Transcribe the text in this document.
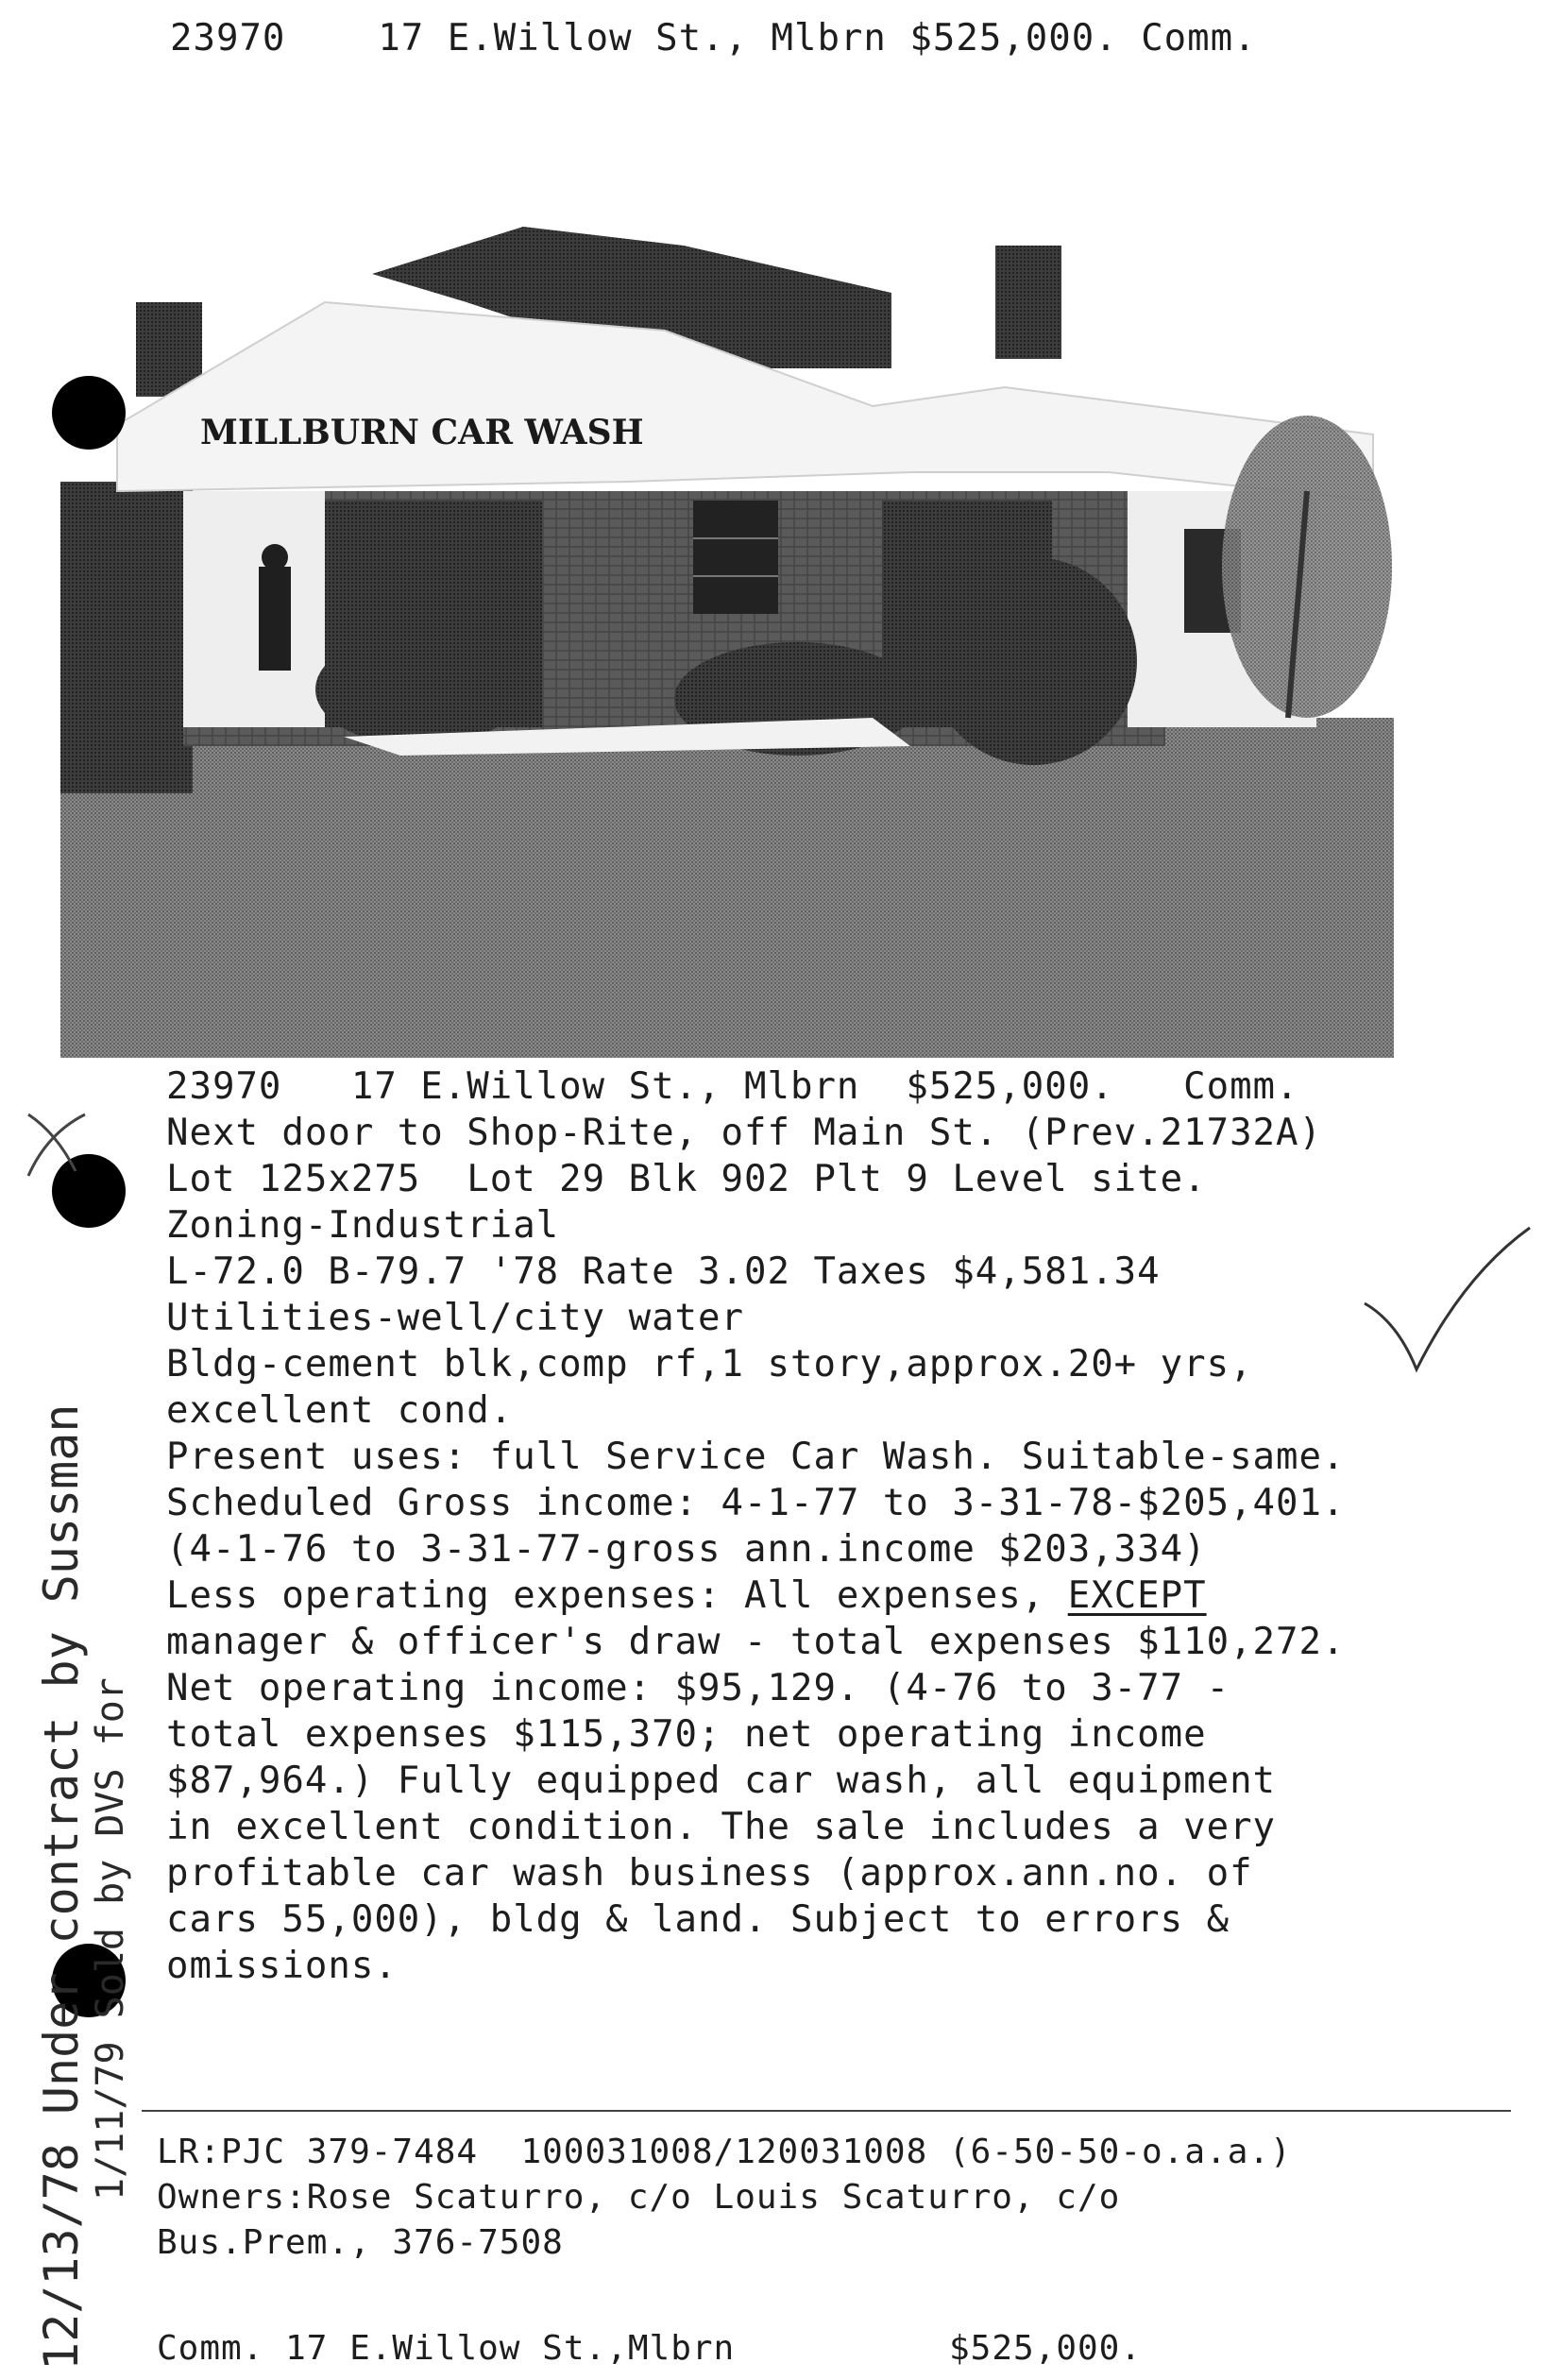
23970	17 E.Willow St., Mlbrn $525,000. Comm.
MILLBURN CAR WASH
23970   17 E.Willow St., Mlbrn  $525,000.   Comm.
Next door to Shop-Rite, off Main St. (Prev.21732A)
Lot 125x275  Lot 29 Blk 902 Plt 9 Level site.
Zoning-Industrial
L-72.0 B-79.7 '78 Rate 3.02 Taxes $4,581.34
Utilities-well/city water
Bldg-cement blk,comp rf,1 story,approx.20+ yrs,
excellent cond.
Present uses: full Service Car Wash. Suitable-same.
Scheduled Gross income: 4-1-77 to 3-31-78-$205,401.
(4-1-76 to 3-31-77-gross ann.income $203,334)
Less operating expenses: All expenses, EXCEPT
manager & officer's draw - total expenses $110,272.
Net operating income: $95,129. (4-76 to 3-77 -
total expenses $115,370; net operating income
$87,964.) Fully equipped car wash, all equipment
in excellent condition. The sale includes a very
profitable car wash business (approx.ann.no. of
cars 55,000), bldg & land. Subject to errors &
omissions.
12/13/78 Under contract by Sussman 1/11/79 Sold by DVS for LR:PJC 379-7484  100031008/120031008 (6-50-50-o.a.a.)
Owners:Rose Scaturro, c/o Louis Scaturro, c/o
Bus.Prem., 376-7508
Comm. 17 E.Willow St.,Mlbrn	$525,000.
